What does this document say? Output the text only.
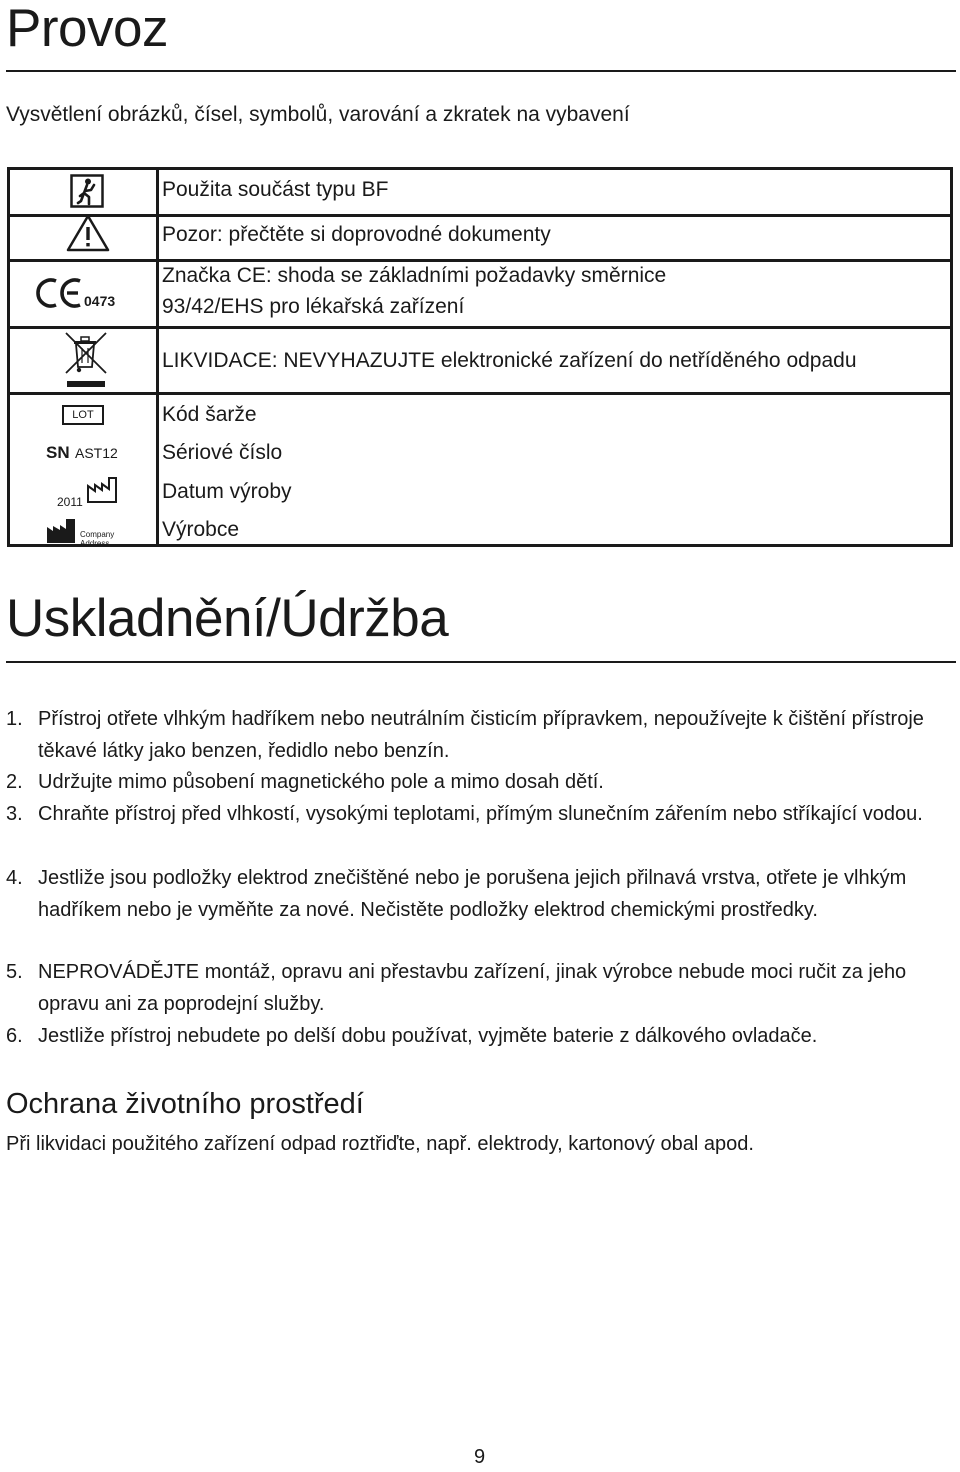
Provoz
Vysvětlení obrázků, čísel, symbolů, varování a zkratek na vybavení
Použita součást typu BF
Pozor: přečtěte si doprovodné dokumenty
0473
Značka CE: shoda se základními požadavky směrnice
93/42/EHS pro lékařská zařízení
LIKVIDACE: NEVYHAZUJTE elektronické zařízení do netříděného odpadu
LOT	Kód šarže
SN AST12 Sériové číslo
2011	Datum výroby
Company
Address
Výrobce
Uskladnění/Údržba
1. Přístroj otřete vlhkým hadříkem nebo neutrálním čisticím přípravkem, nepoužívejte k čištění přístroje těkavé látky jako benzen, ředidlo nebo benzín.
2. Udržujte mimo působení magnetického pole a mimo dosah dětí.
3. Chraňte přístroj před vlhkostí, vysokými teplotami, přímým slunečním zářením nebo stříkající vodou.
4. Jestliže jsou podložky elektrod znečištěné nebo je porušena jejich přilnavá vrstva, otřete je vlhkým hadříkem nebo je vyměňte za nové. Nečistěte podložky elektrod chemickými prostředky.
5. NEPROVÁDĚJTE montáž, opravu ani přestavbu zařízení, jinak výrobce nebude moci ručit za jeho opravu ani za poprodejní služby.
6. Jestliže přístroj nebudete po delší dobu používat, vyjměte baterie z dálkového ovladače.
Ochrana životního prostředí
Při likvidaci použitého zařízení odpad roztřiďte, např. elektrody, kartonový obal apod.
9
